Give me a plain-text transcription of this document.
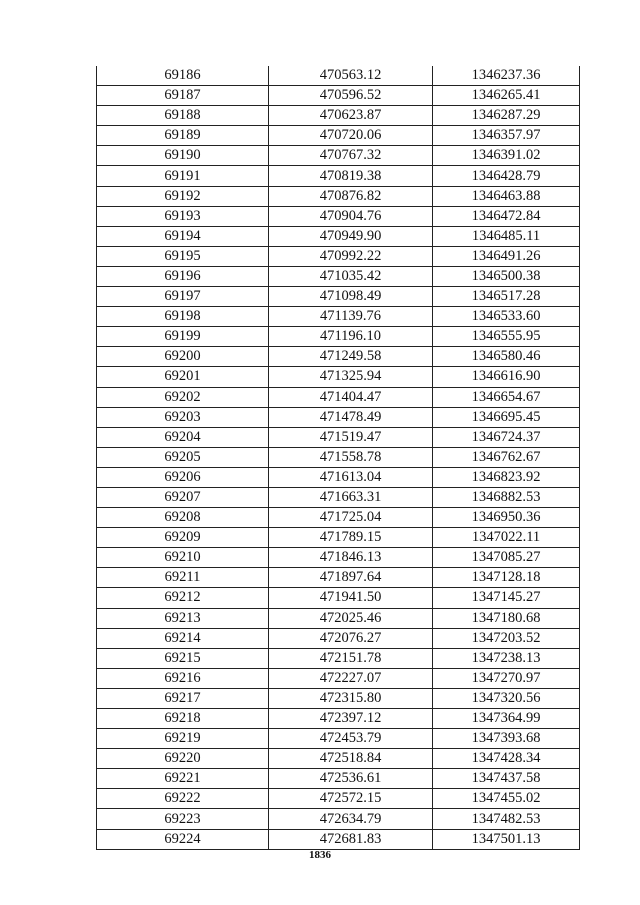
69186	470563.12	1346237.36
69187	470596.52	1346265.41
69188	470623.87	1346287.29
69189	470720.06	1346357.97
69190	470767.32	1346391.02
69191	470819.38	1346428.79
69192	470876.82	1346463.88
69193	470904.76	1346472.84
69194	470949.90	1346485.11
69195	470992.22	1346491.26
69196	471035.42	1346500.38
69197	471098.49	1346517.28
69198	471139.76	1346533.60
69199	471196.10	1346555.95
69200	471249.58	1346580.46
69201	471325.94	1346616.90
69202	471404.47	1346654.67
69203	471478.49	1346695.45
69204	471519.47	1346724.37
69205	471558.78	1346762.67
69206	471613.04	1346823.92
69207	471663.31	1346882.53
69208	471725.04	1346950.36
69209	471789.15	1347022.11
69210	471846.13	1347085.27
69211	471897.64	1347128.18
69212	471941.50	1347145.27
69213	472025.46	1347180.68
69214	472076.27	1347203.52
69215	472151.78	1347238.13
69216	472227.07	1347270.97
69217	472315.80	1347320.56
69218	472397.12	1347364.99
69219	472453.79	1347393.68
69220	472518.84	1347428.34
69221	472536.61	1347437.58
69222	472572.15	1347455.02
69223	472634.79	1347482.53
69224	472681.83	1347501.13
1836
